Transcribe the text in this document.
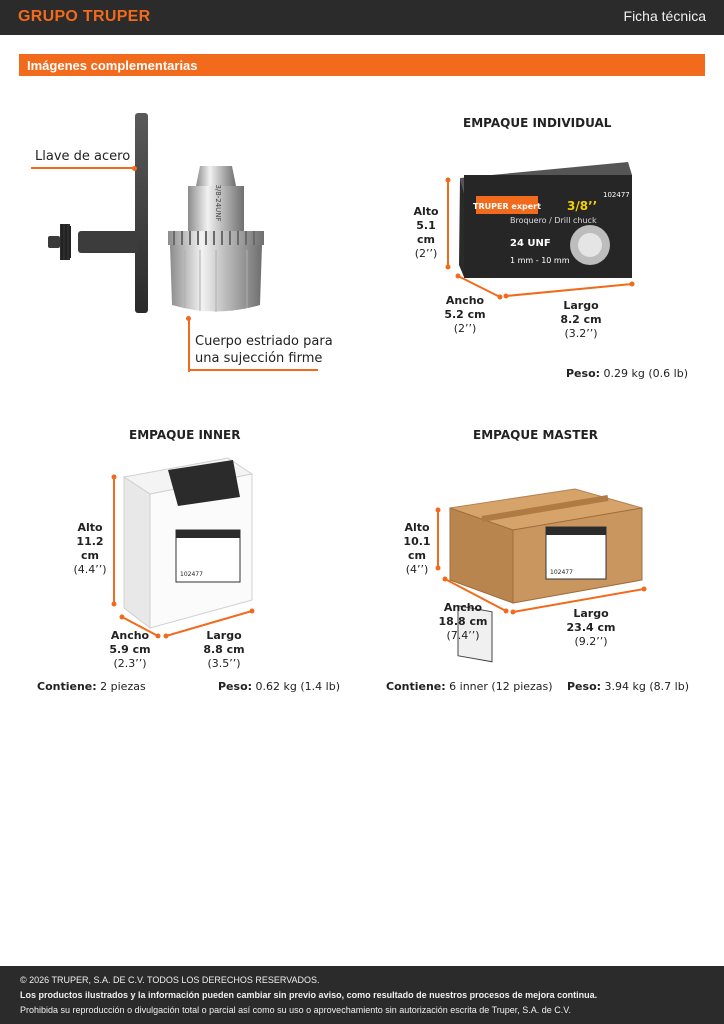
GRUPO TRUPER	Ficha técnica
Imágenes complementarias
3/8-24UNF
Llave de acero
Cuerpo estriado para
una sujección firme
EMPAQUE INDIVIDUAL
TRUPER expert 3/8’’
102477
Broquero / Drill chuck
24 UNF
1 mm - 10 mm
Alto
5.1 cm
(2’’)
Ancho
5.2 cm
(2’’)
Largo
8.2 cm
(3.2’’)
Peso: 0.29 kg (0.6 lb)
EMPAQUE INNER
102477
Alto
11.2 cm
(4.4’’)
Ancho
5.9 cm
(2.3’’)
Largo
8.8 cm
(3.5’’)
Contiene: 2 piezas	Peso: 0.62 kg (1.4 lb)
EMPAQUE MASTER
102477
Alto
10.1 cm
(4’’)
Ancho
18.8 cm
(7.4’’)
Largo
23.4 cm
(9.2’’)
Contiene: 6 inner (12 piezas) Peso: 3.94 kg (8.7 lb)
© 2026 TRUPER, S.A. DE C.V. TODOS LOS DERECHOS RESERVADOS.
Los productos ilustrados y la información pueden cambiar sin previo aviso, como resultado de nuestros procesos de mejora continua.
Prohibida su reproducción o divulgación total o parcial así como su uso o aprovechamiento sin autorización escrita de Truper, S.A. de C.V.
